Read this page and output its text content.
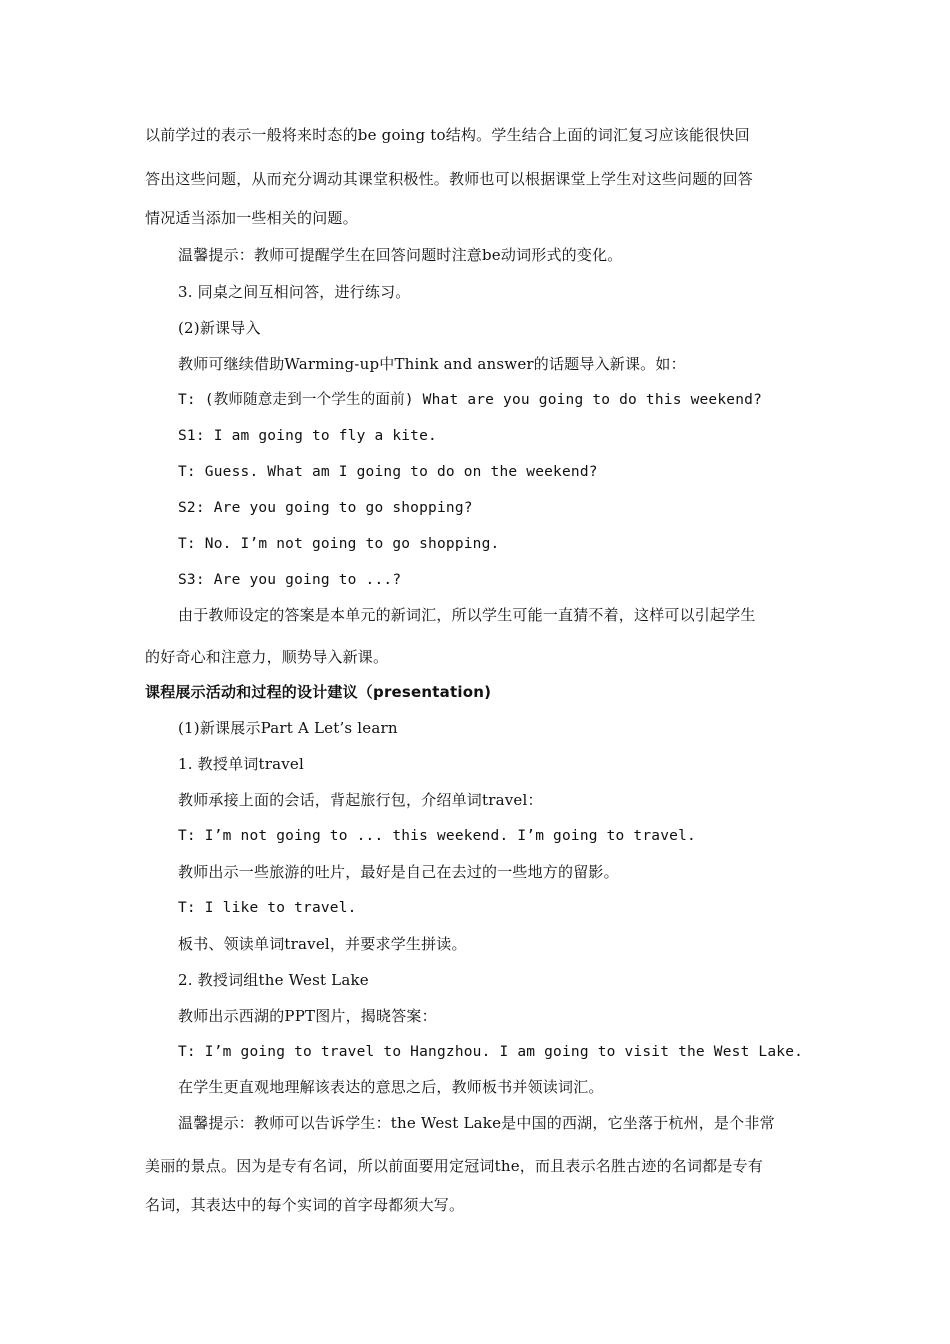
以前学过的表示一般将来时态的be going to结构。学生结合上面的词汇复习应该能很快回
答出这些问题，从而充分调动其课堂积极性。教师也可以根据课堂上学生对这些问题的回答
情况适当添加一些相关的问题。
温馨提示：教师可提醒学生在回答问题时注意be动词形式的变化。
3. 同桌之间互相问答，进行练习。
(2)新课导入
教师可继续借助Warming-up中Think and answer的话题导入新课。如：
T: (教师随意走到一个学生的面前) What are you going to do this weekend?
S1: I am going to fly a kite.
T: Guess. What am I going to do on the weekend?
S2: Are you going to go shopping?
T: No. I’m not going to go shopping.
S3: Are you going to ...?
由于教师设定的答案是本单元的新词汇，所以学生可能一直猜不着，这样可以引起学生
的好奇心和注意力，顺势导入新课。
课程展示活动和过程的设计建议（presentation)
(1)新课展示Part A Let’s learn
1. 教授单词travel
教师承接上面的会话，背起旅行包，介绍单词travel：
T: I’m not going to ... this weekend. I’m going to travel.
教师出示一些旅游的吐片，最好是自己在去过的一些地方的留影。
T: I like to travel.
板书、领读单词travel，并要求学生拼读。
2. 教授词组the West Lake
教师出示西湖的PPT图片，揭晓答案：
T: I’m going to travel to Hangzhou. I am going to visit the West Lake.
在学生更直观地理解该表达的意思之后，教师板书并领读词汇。
温馨提示：教师可以告诉学生：the West Lake是中国的西湖，它坐落于杭州，是个非常
美丽的景点。因为是专有名词，所以前面要用定冠词the，而且表示名胜古迹的名词都是专有
名词，其表达中的每个实词的首字母都须大写。
